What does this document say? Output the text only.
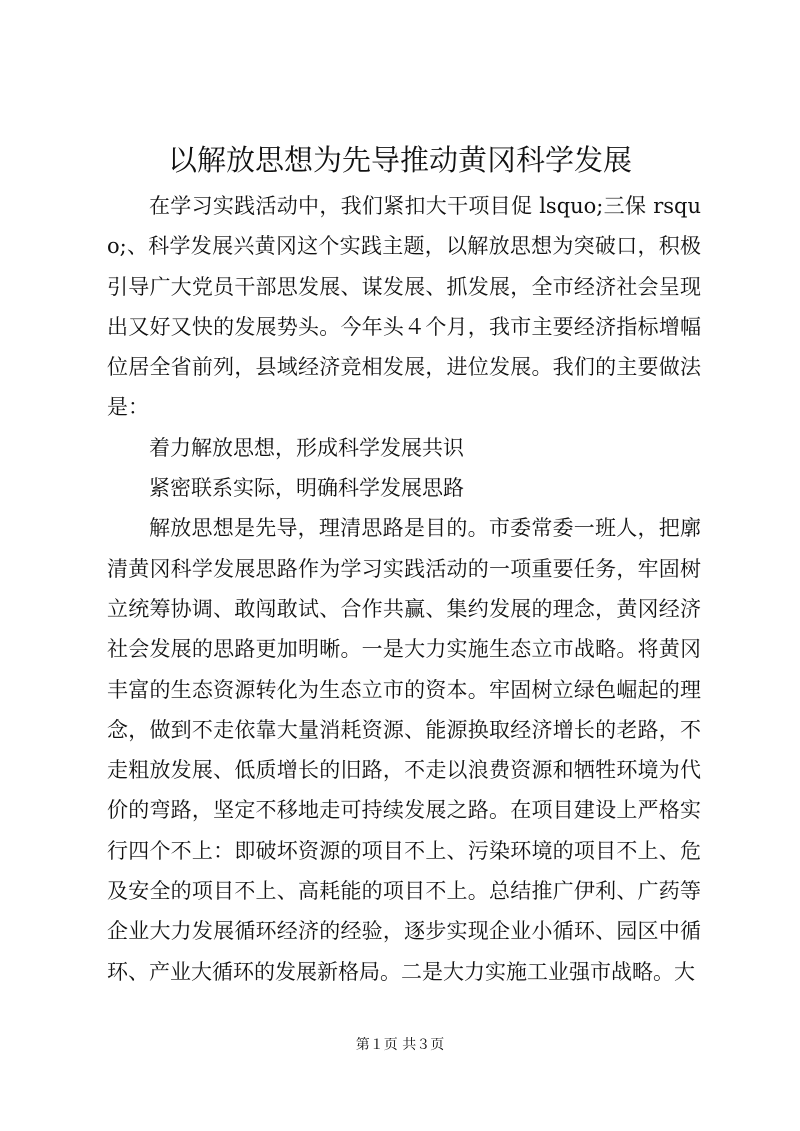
以解放思想为先导推动黄冈科学发展

在学习实践活动中，我们紧扣大干项目促 lsquo;三保 rsquo;、科学发展兴黄冈这个实践主题，以解放思想为突破口，积极引导广大党员干部思发展、谋发展、抓发展，全市经济社会呈现出又好又快的发展势头。今年头４个月，我市主要经济指标增幅位居全省前列，县域经济竞相发展，进位发展。我们的主要做法是：

着力解放思想，形成科学发展共识

紧密联系实际，明确科学发展思路

解放思想是先导，理清思路是目的。市委常委一班人，把廓清黄冈科学发展思路作为学习实践活动的一项重要任务，牢固树立统筹协调、敢闯敢试、合作共赢、集约发展的理念，黄冈经济社会发展的思路更加明晰。一是大力实施生态立市战略。将黄冈丰富的生态资源转化为生态立市的资本。牢固树立绿色崛起的理念，做到不走依靠大量消耗资源、能源换取经济增长的老路，不走粗放发展、低质增长的旧路，不走以浪费资源和牺牲环境为代价的弯路，坚定不移地走可持续发展之路。在项目建设上严格实行四个不上：即破坏资源的项目不上、污染环境的项目不上、危及安全的项目不上、高耗能的项目不上。总结推广伊利、广药等企业大力发展循环经济的经验，逐步实现企业小循环、园区中循环、产业大循环的发展新格局。二是大力实施工业强市战略。大

第１页 共３页
